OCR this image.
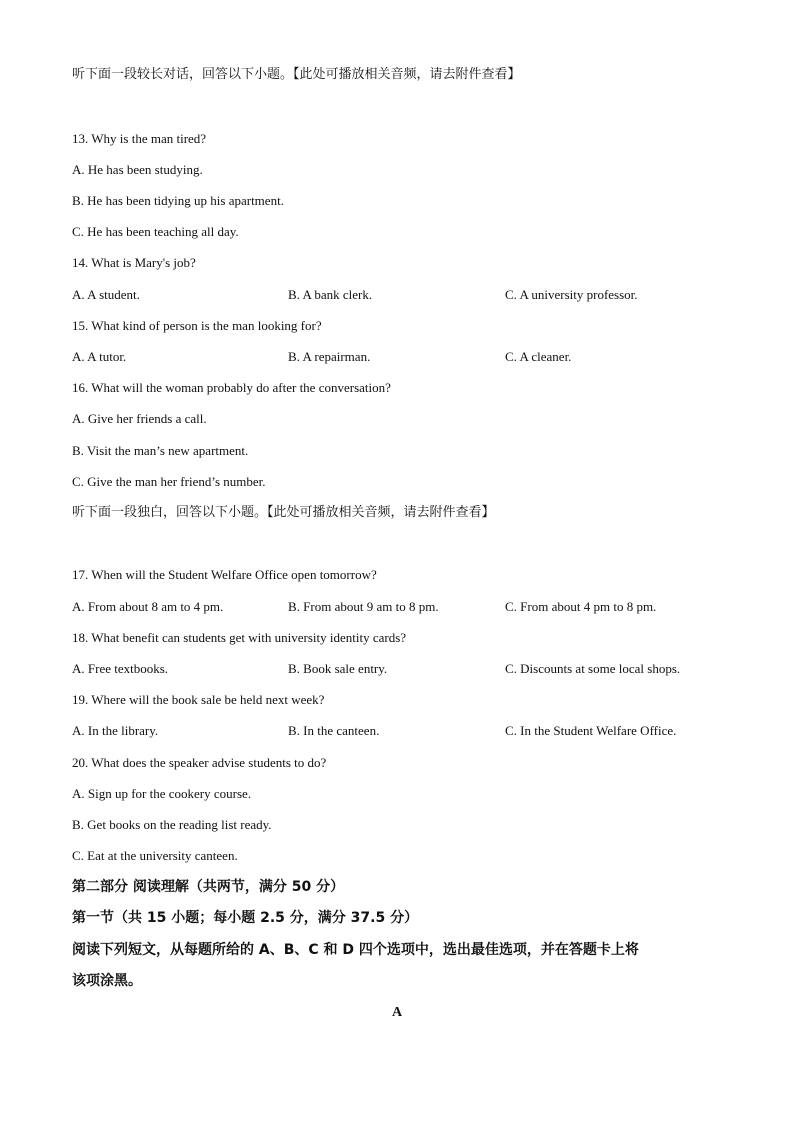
听下面一段较长对话，回答以下小题。【此处可播放相关音频，请去附件查看】
13. Why is the man tired?
A. He has been studying.
B. He has been tidying up his apartment.
C. He has been teaching all day.
14. What is Mary's job?
A. A student.	B. A bank clerk.	C. A university professor.
15. What kind of person is the man looking for?
A. A tutor.	B. A repairman.	C. A cleaner.
16. What will the woman probably do after the conversation?
A. Give her friends a call.
B. Visit the man’s new apartment.
C. Give the man her friend’s number.
听下面一段独白，回答以下小题。【此处可播放相关音频，请去附件查看】
17. When will the Student Welfare Office open tomorrow?
A. From about 8 am to 4 pm.	B. From about 9 am to 8 pm.	C. From about 4 pm to 8 pm.
18. What benefit can students get with university identity cards?
A. Free textbooks.	B. Book sale entry.	C. Discounts at some local shops.
19. Where will the book sale be held next week?
A. In the library.	B. In the canteen.	C. In the Student Welfare Office.
20. What does the speaker advise students to do?
A. Sign up for the cookery course.
B. Get books on the reading list ready.
C. Eat at the university canteen.
第二部分 阅读理解（共两节，满分 50 分）
第一节（共 15 小题；每小题 2.5 分，满分 37.5 分）
阅读下列短文，从每题所给的 A、B、C 和 D 四个选项中，选出最佳选项，并在答题卡上将
该项涂黑。
A
